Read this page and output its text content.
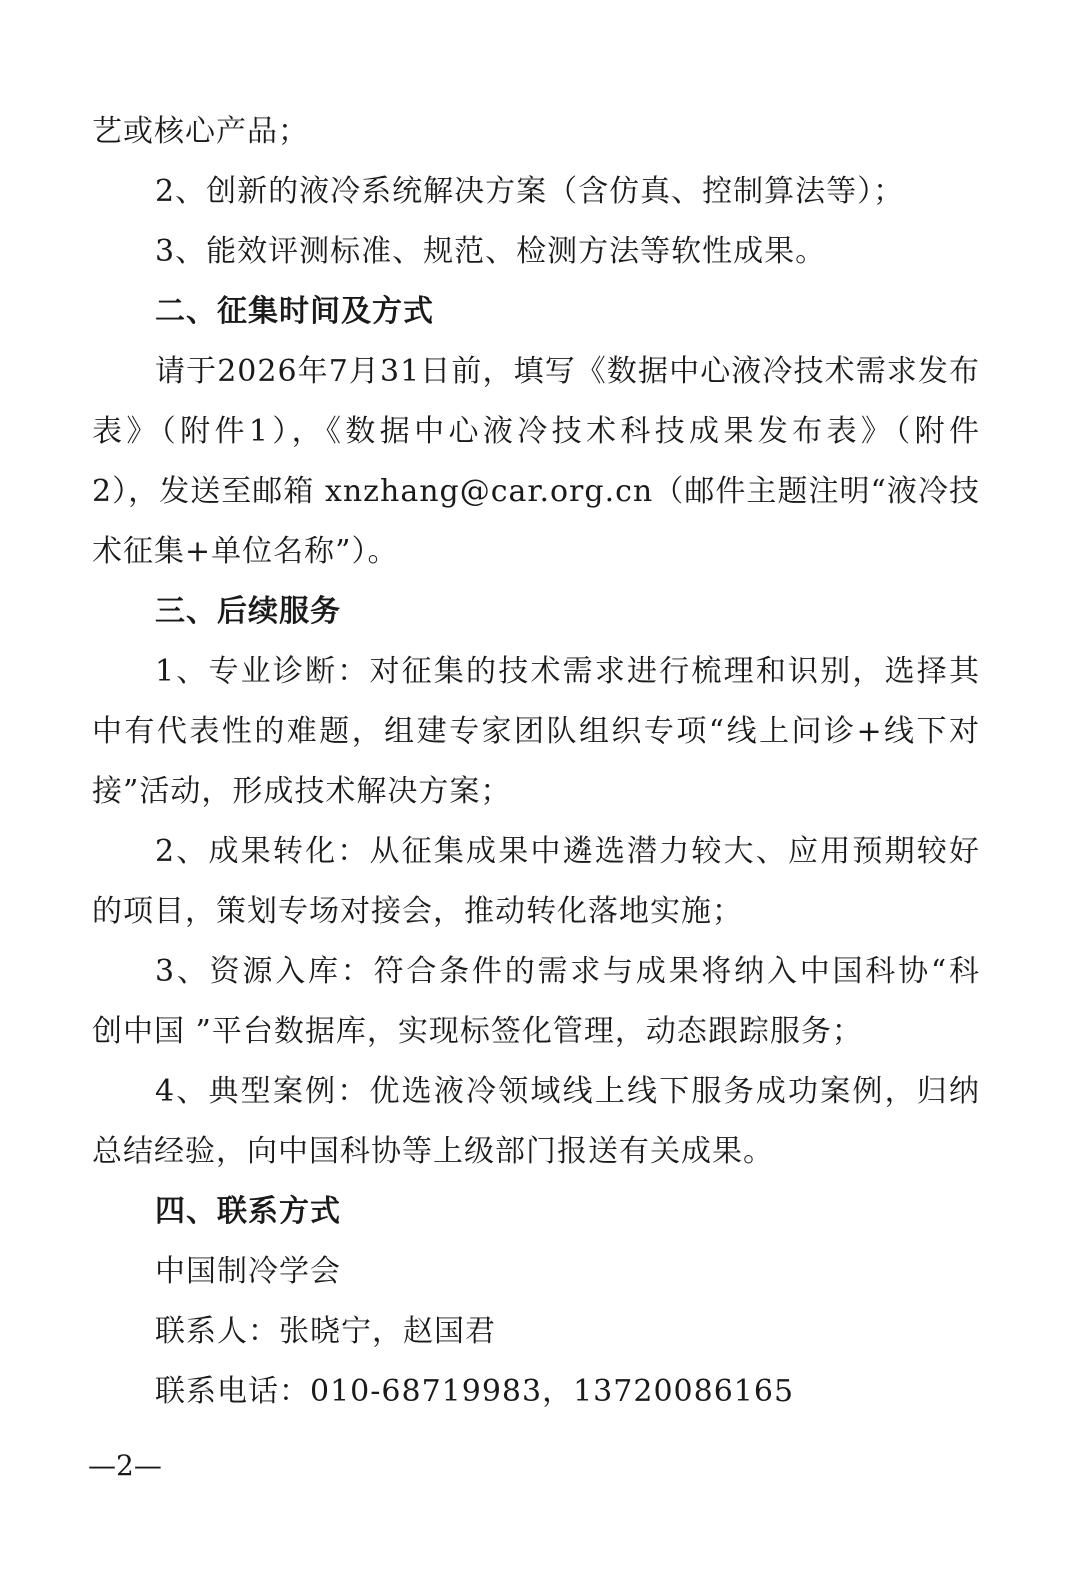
艺或核心产品；
2、创新的液冷系统解决方案（含仿真、控制算法等）；
3、能效评测标准、规范、检测方法等软性成果。
二、征集时间及方式
请于2026年7月31日前，填写《数据中心液冷技术需求发布
表》（附件1），《数据中心液冷技术科技成果发布表》（附件
2），发送至邮箱 xnzhang@car.org.cn（邮件主题注明“液冷技
术征集+单位名称”）。
三、后续服务
1、专业诊断：对征集的技术需求进行梳理和识别，选择其
中有代表性的难题，组建专家团队组织专项“线上问诊+线下对
接”活动，形成技术解决方案；
2、成果转化：从征集成果中遴选潜力较大、应用预期较好
的项目，策划专场对接会，推动转化落地实施；
3、资源入库：符合条件的需求与成果将纳入中国科协“科
创中国 ”平台数据库，实现标签化管理，动态跟踪服务；
4、典型案例：优选液冷领域线上线下服务成功案例，归纳
总结经验，向中国科协等上级部门报送有关成果。
四、联系方式
中国制冷学会
联系人：张晓宁，赵国君
联系电话：010-68719983，13720086165
—2—
